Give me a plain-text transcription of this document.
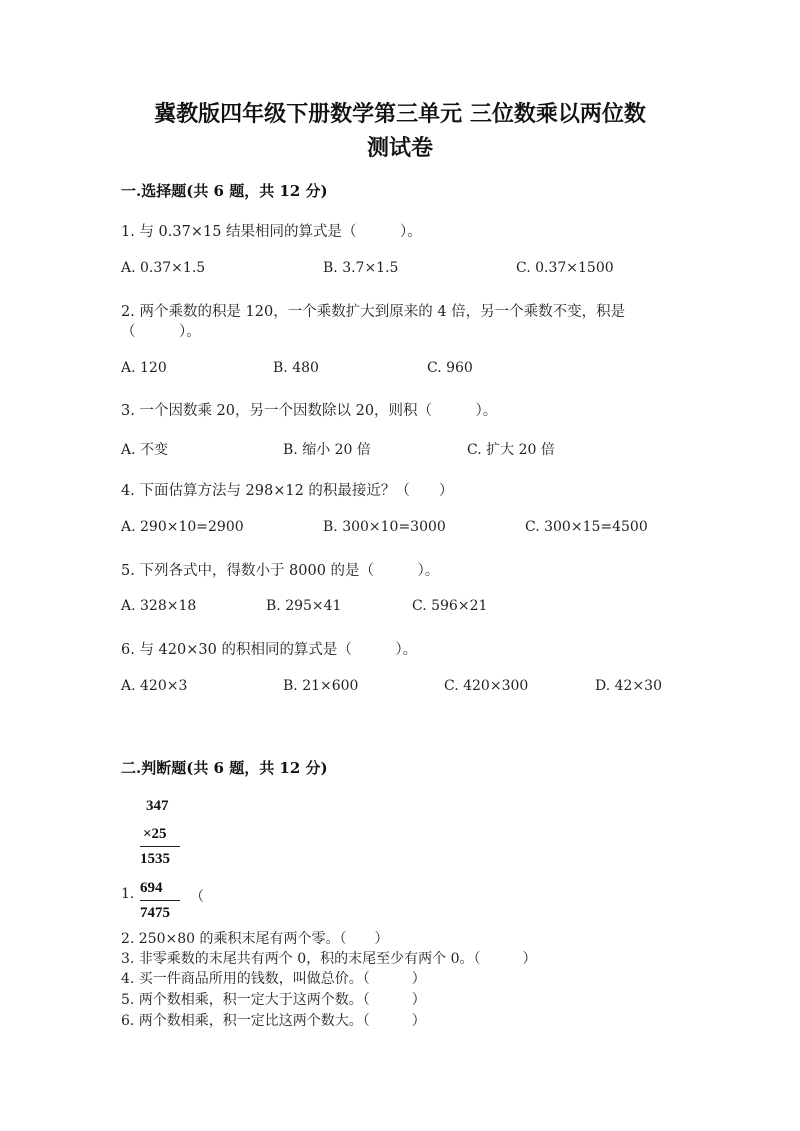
冀教版四年级下册数学第三单元 三位数乘以两位数
测试卷
一.选择题(共 6 题，共 12 分)
1. 与 0.37×15 结果相同的算式是（　　　）。
A. 0.37×1.5	B. 3.7×1.5	C. 0.37×1500
2. 两个乘数的积是 120，一个乘数扩大到原来的 4 倍，另一个乘数不变，积是
（　　　）。
A. 120	B. 480	C. 960
3. 一个因数乘 20，另一个因数除以 20，则积（　　　）。
A. 不变	B. 缩小 20 倍	C. 扩大 20 倍
4. 下面估算方法与 298×12 的积最接近？（　　）
A. 290×10=2900	B. 300×10=3000	C. 300×15=4500
5. 下列各式中，得数小于 8000 的是（　　　）。
A. 328×18	B. 295×41	C. 596×21
6. 与 420×30 的积相同的算式是（　　　）。
A. 420×3	B. 21×600	C. 420×300	D. 42×30
二.判断题(共 6 题，共 12 分)
347
×25
1535
694
7475
1.	（
2. 250×80 的乘积末尾有两个零。（　　）
3. 非零乘数的末尾共有两个 0，积的末尾至少有两个 0。（　　　）
4. 买一件商品所用的钱数，叫做总价。（　　　）
5. 两个数相乘，积一定大于这两个数。（　　　）
6. 两个数相乘，积一定比这两个数大。（　　　）
